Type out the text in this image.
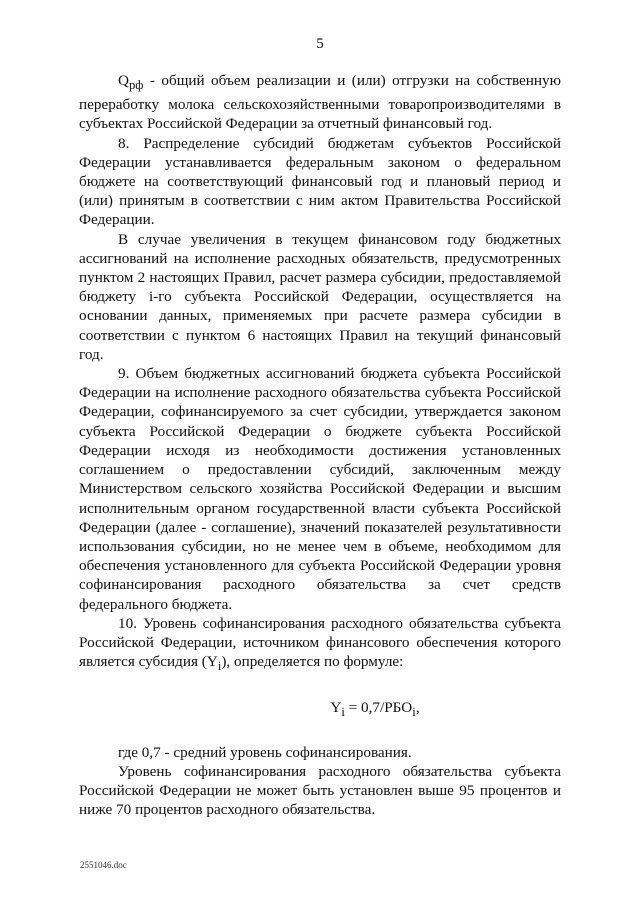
5

$Q_{рф}$ - общий объем реализации и (или) отгрузки на собственную переработку молока сельскохозяйственными товаропроизводителями в субъектах Российской Федерации за отчетный финансовый год.

8. Распределение субсидий бюджетам субъектов Российской Федерации устанавливается федеральным законом о федеральном бюджете на соответствующий финансовый год и плановый период и (или) принятым в соответствии с ним актом Правительства Российской Федерации.

В случае увеличения в текущем финансовом году бюджетных ассигнований на исполнение расходных обязательств, предусмотренных пунктом 2 настоящих Правил, расчет размера субсидии, предоставляемой бюджету i-го субъекта Российской Федерации, осуществляется на основании данных, применяемых при расчете размера субсидии в соответствии с пунктом 6 настоящих Правил на текущий финансовый год.

9. Объем бюджетных ассигнований бюджета субъекта Российской Федерации на исполнение расходного обязательства субъекта Российской Федерации, софинансируемого за счет субсидии, утверждается законом субъекта Российской Федерации о бюджете субъекта Российской Федерации исходя из необходимости достижения установленных соглашением о предоставлении субсидий, заключенным между Министерством сельского хозяйства Российской Федерации и высшим исполнительным органом государственной власти субъекта Российской Федерации (далее - соглашение), значений показателей результативности использования субсидии, но не менее чем в объеме, необходимом для обеспечения установленного для субъекта Российской Федерации уровня софинансирования расходного обязательства за счет средств федерального бюджета.

10. Уровень софинансирования расходного обязательства субъекта Российской Федерации, источником финансового обеспечения которого является субсидия $(Y_i)$, определяется по формуле:

$Y_i = 0,7/РБО_i$,

где 0,7 - средний уровень софинансирования.

Уровень софинансирования расходного обязательства субъекта Российской Федерации не может быть установлен выше 95 процентов и ниже 70 процентов расходного обязательства.

2551046.doc
